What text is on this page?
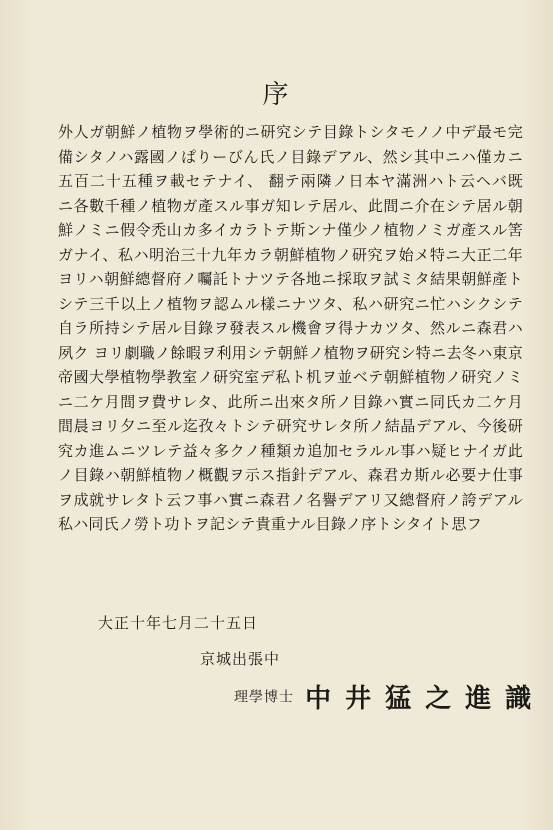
序
外人ガ朝鮮ノ植物ヲ學術的ニ研究シテ目錄トシタモノノ中デ最モ完
備シタノハ露國ノぱりーびん氏ノ目錄デアル、然シ其中ニハ僅カニ
五百二十五種ヲ載セテナイ、 翻テ兩隣ノ日本ヤ滿洲ハト云ヘバ既
ニ各數千種ノ植物ガ產スル事ガ知レテ居ル、此間ニ介在シテ居ル朝
鮮ノミニ假令禿山カ多イカラトテ斯ンナ僅少ノ植物ノミガ產スル筈
ガナイ、私ハ明治三十九年カラ朝鮮植物ノ研究ヲ始メ特ニ大正二年
ヨリハ朝鮮總督府ノ囑託トナツテ各地ニ採取ヲ試ミタ結果朝鮮產ト
シテ三千以上ノ植物ヲ認ムル樣ニナツタ、私ハ研究ニ忙ハシクシテ
自ラ所持シテ居ル目錄ヲ發表スル機會ヲ得ナカツタ、然ルニ森君ハ
夙ク ヨリ劇職ノ餘暇ヲ利用シテ朝鮮ノ植物ヲ研究シ特ニ去冬ハ東京
帝國大學植物學教室ノ研究室デ私ト机ヲ並ベテ朝鮮植物ノ研究ノミ
ニ二ケ月間ヲ費サレタ、此所ニ出來タ所ノ目錄ハ實ニ同氏カ二ケ月
間晨ヨリ夕ニ至ル迄孜々トシテ研究サレタ所ノ結晶デアル、今後研
究カ進ムニツレテ益々多クノ種類カ追加セラルル事ハ疑ヒナイガ此
ノ目錄ハ朝鮮植物ノ概觀ヲ示ス指針デアル、森君カ斯ル必要ナ仕事
ヲ成就サレタト云フ事ハ實ニ森君ノ名譽デアリ又總督府ノ誇デアル
私ハ同氏ノ勞ト功トヲ記シテ貴重ナル目錄ノ序トシタイト思フ
大正十年七月二十五日
京城出張中
理學博士 中井猛之進識
